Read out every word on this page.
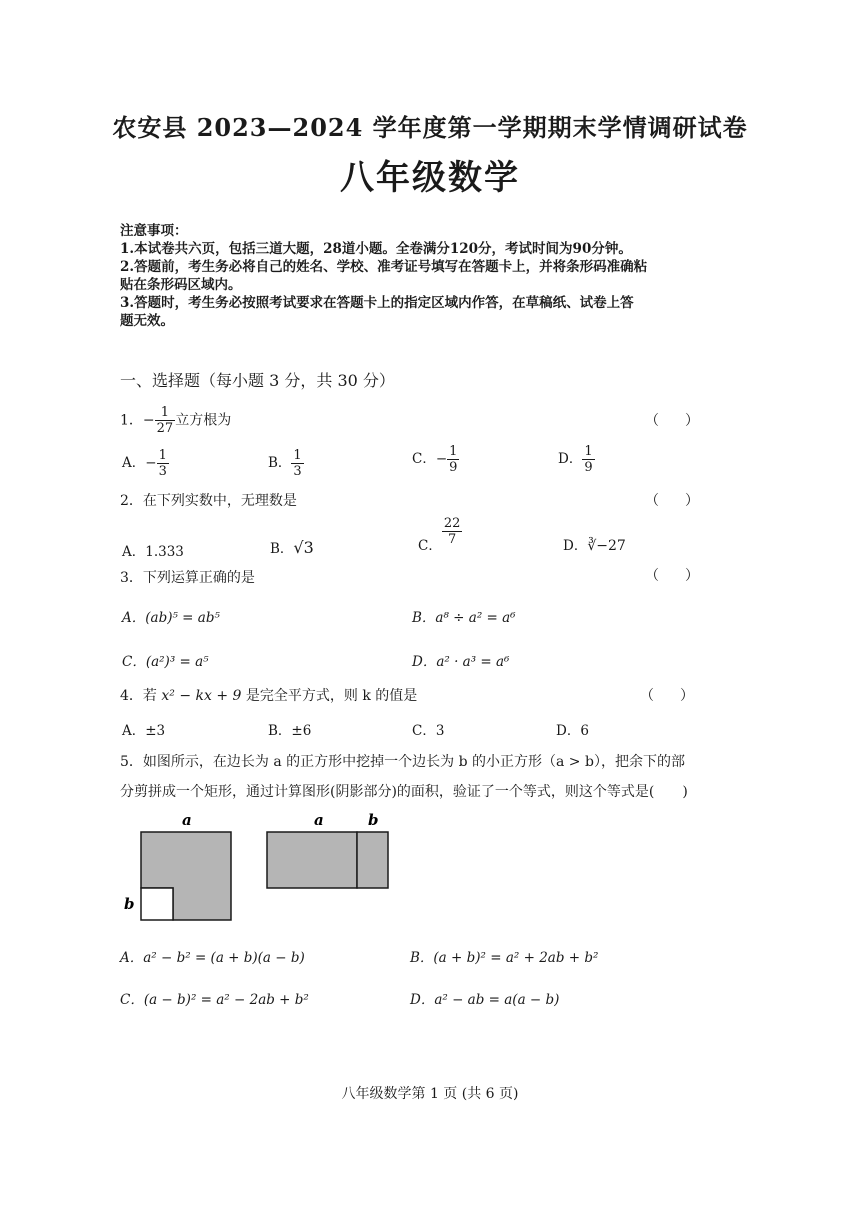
农安县 2023—2024 学年度第一学期期末学情调研试卷
八年级数学
注意事项：
1.本试卷共六页，包括三道大题，28道小题。全卷满分120分，考试时间为90分钟。
2.答题前，考生务必将自己的姓名、学校、准考证号填写在答题卡上，并将条形码准确粘
贴在条形码区域内。
3.答题时，考生务必按照考试要求在答题卡上的指定区域内作答，在草稿纸、试卷上答
题无效。
一、选择题（每小题 3 分，共 30 分）
1．− $\frac{1}{27}$ 立方根为	（　）
A．− $\frac{1}{3}$	B． $\frac{1}{3}$	C．− $\frac{1}{9}$	D． $\frac{1}{9}$
2．在下列实数中，无理数是	（　）
A．1.333	B．√3	C． $\frac{22}{7}$	D．∛−27
3．下列运算正确的是	（　）
A．(ab)⁵ = ab⁵	B．a⁸ ÷ a² = a⁶
C．(a²)³ = a⁵	D．a² · a³ = a⁶
4．若 x² − kx + 9 是完全平方式，则 k 的值是	（　）
A．±3	B．±6	C．3	D．6
5．如图所示，在边长为 a 的正方形中挖掉一个边长为 b 的小正方形（a > b），把余下的部
分剪拼成一个矩形，通过计算图形(阴影部分)的面积，验证了一个等式，则这个等式是(　　)
a
b
a	b
A．a² − b² = (a + b)(a − b)	B．(a + b)² = a² + 2ab + b²
C．(a − b)² = a² − 2ab + b²	D．a² − ab = a(a − b)
八年级数学第 1 页 (共 6 页)
